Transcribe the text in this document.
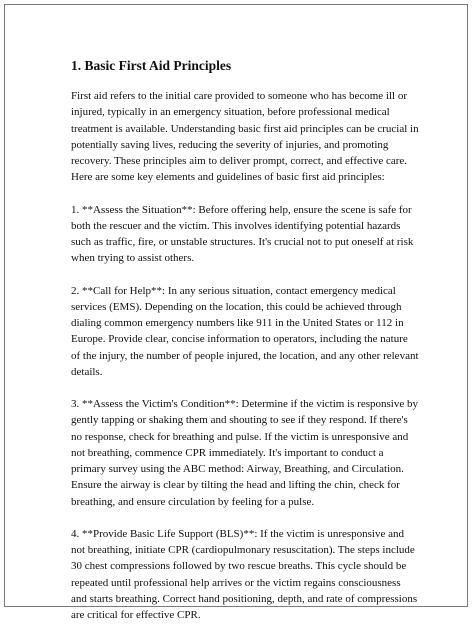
1. Basic First Aid Principles

First aid refers to the initial care provided to someone who has become ill or injured, typically in an emergency situation, before professional medical treatment is available. Understanding basic first aid principles can be crucial in potentially saving lives, reducing the severity of injuries, and promoting recovery. These principles aim to deliver prompt, correct, and effective care. Here are some key elements and guidelines of basic first aid principles:

1. **Assess the Situation**: Before offering help, ensure the scene is safe for both the rescuer and the victim. This involves identifying potential hazards such as traffic, fire, or unstable structures. It's crucial not to put oneself at risk when trying to assist others.

2. **Call for Help**: In any serious situation, contact emergency medical services (EMS). Depending on the location, this could be achieved through dialing common emergency numbers like 911 in the United States or 112 in Europe. Provide clear, concise information to operators, including the nature of the injury, the number of people injured, the location, and any other relevant details.

3. **Assess the Victim's Condition**: Determine if the victim is responsive by gently tapping or shaking them and shouting to see if they respond. If there's no response, check for breathing and pulse. If the victim is unresponsive and not breathing, commence CPR immediately. It's important to conduct a primary survey using the ABC method: Airway, Breathing, and Circulation. Ensure the airway is clear by tilting the head and lifting the chin, check for breathing, and ensure circulation by feeling for a pulse.

4. **Provide Basic Life Support (BLS)**: If the victim is unresponsive and not breathing, initiate CPR (cardiopulmonary resuscitation). The steps include 30 chest compressions followed by two rescue breaths. This cycle should be repeated until professional help arrives or the victim regains consciousness and starts breathing. Correct hand positioning, depth, and rate of compressions are critical for effective CPR.
